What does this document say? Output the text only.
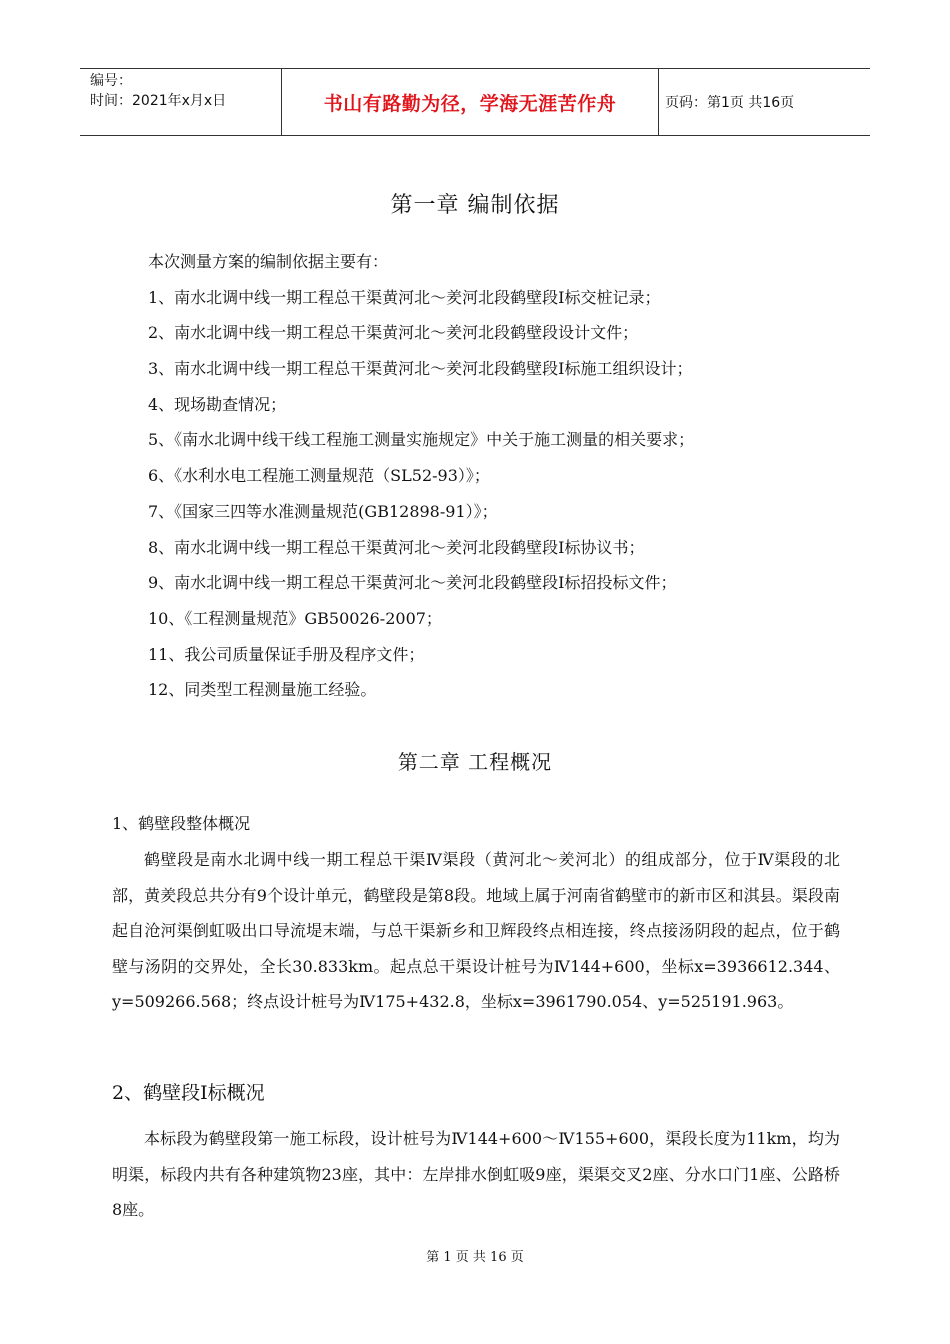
编号：
时间：2021年x月x日	书山有路勤为径，学海无涯苦作舟	页码：第1页 共16页
第一章 编制依据
本次测量方案的编制依据主要有：
1、南水北调中线一期工程总干渠黄河北～羑河北段鹤壁段Ⅰ标交桩记录；
2、南水北调中线一期工程总干渠黄河北～羑河北段鹤壁段设计文件；
3、南水北调中线一期工程总干渠黄河北～羑河北段鹤壁段Ⅰ标施工组织设计；
4、现场勘查情况；
5、《南水北调中线干线工程施工测量实施规定》中关于施工测量的相关要求；
6、《水利水电工程施工测量规范（SL52-93）》；
7、《国家三四等水准测量规范(GB12898-91）》；
8、南水北调中线一期工程总干渠黄河北～羑河北段鹤壁段Ⅰ标协议书；
9、南水北调中线一期工程总干渠黄河北～羑河北段鹤壁段Ⅰ标招投标文件；
10、《工程测量规范》GB50026-2007；
11、我公司质量保证手册及程序文件；
12、同类型工程测量施工经验。
第二章 工程概况
1、鹤壁段整体概况
鹤壁段是南水北调中线一期工程总干渠Ⅳ渠段（黄河北～羑河北）的组成部分，位于Ⅳ渠段的北部，黄羑段总共分有9个设计单元，鹤壁段是第8段。地域上属于河南省鹤壁市的新市区和淇县。渠段南起自沧河渠倒虹吸出口导流堤末端，与总干渠新乡和卫辉段终点相连接，终点接汤阴段的起点，位于鹤壁与汤阴的交界处，全长30.833km。起点总干渠设计桩号为Ⅳ144+600，坐标x=3936612.344、y=509266.568；终点设计桩号为Ⅳ175+432.8，坐标x=3961790.054、y=525191.963。
2、鹤壁段Ⅰ标概况
本标段为鹤壁段第一施工标段，设计桩号为Ⅳ144+600～Ⅳ155+600，渠段长度为11km，均为明渠，标段内共有各种建筑物23座，其中：左岸排水倒虹吸9座，渠渠交叉2座、分水口门1座、公路桥8座。
第 1 页 共 16 页
